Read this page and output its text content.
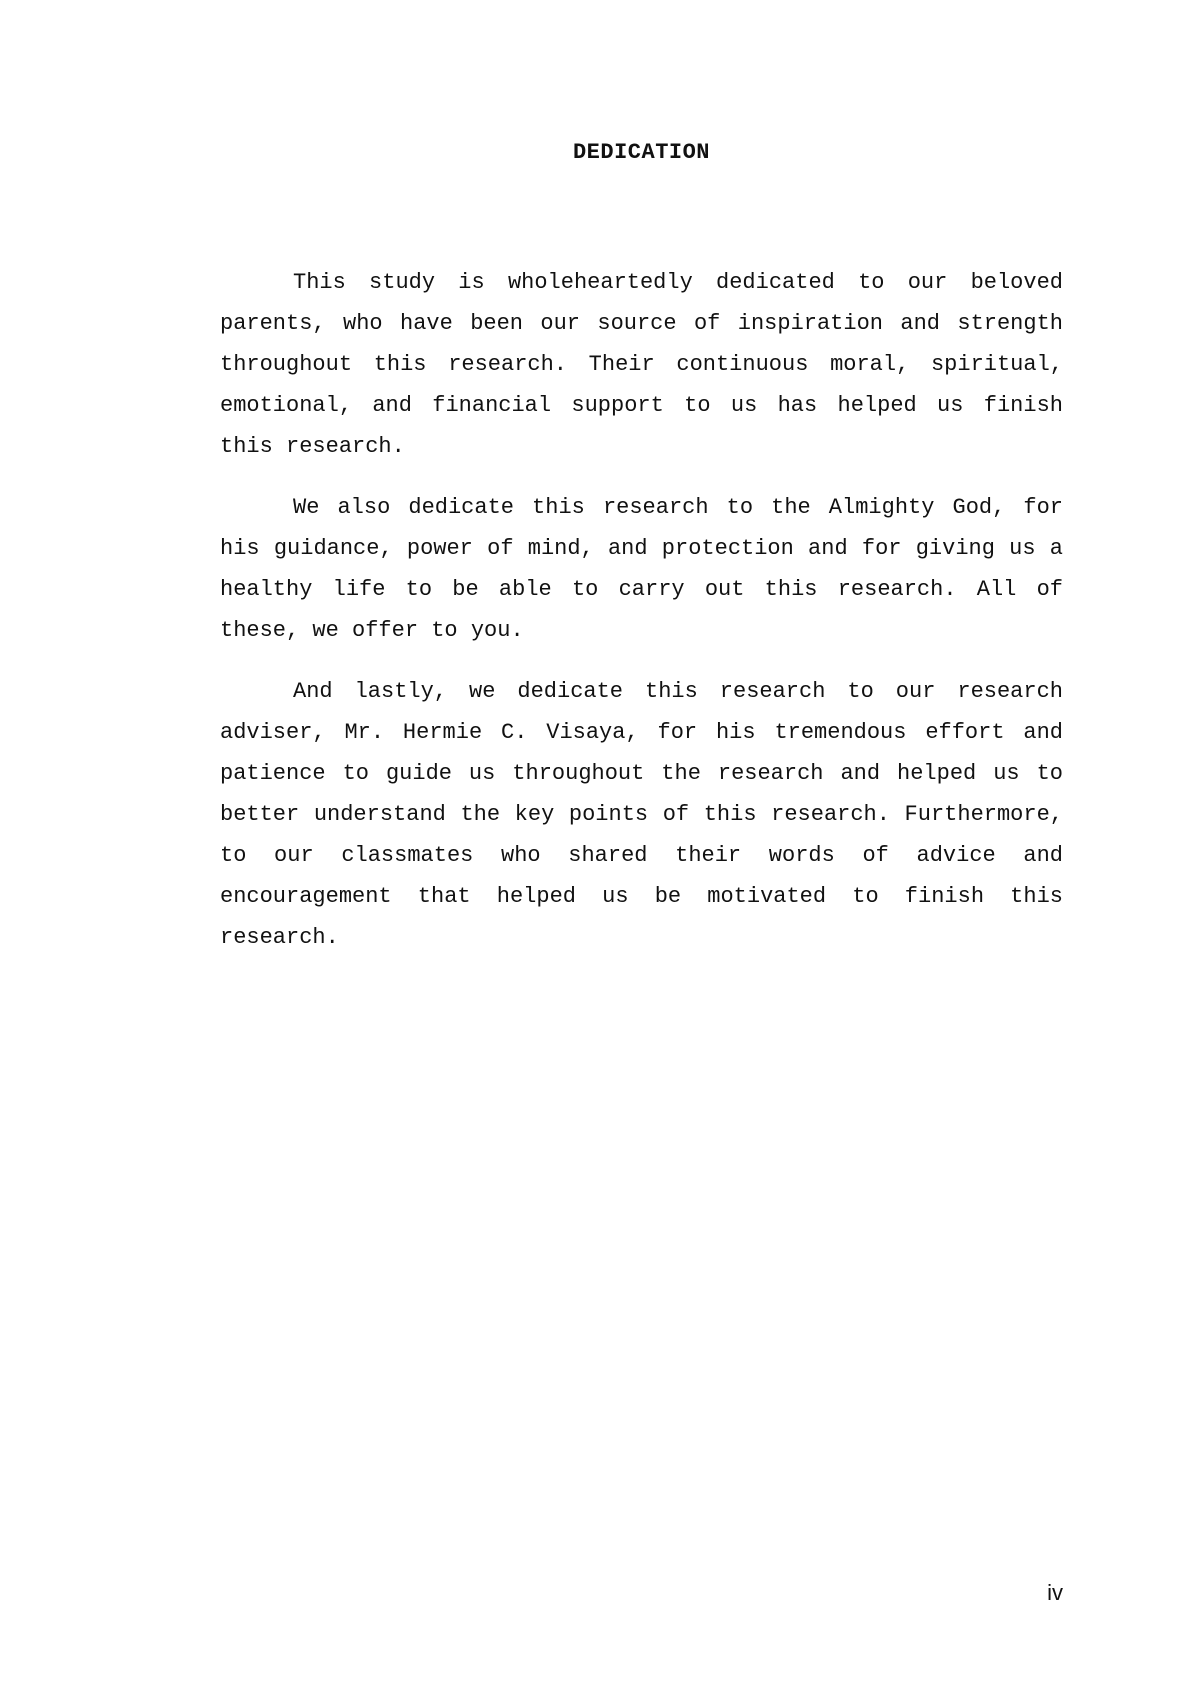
DEDICATION

This study is wholeheartedly dedicated to our beloved parents, who have been our source of inspiration and strength throughout this research. Their continuous moral, spiritual, emotional, and financial support to us has helped us finish this research.

We also dedicate this research to the Almighty God, for his guidance, power of mind, and protection and for giving us a healthy life to be able to carry out this research. All of these, we offer to you.

And lastly, we dedicate this research to our research adviser, Mr. Hermie C. Visaya, for his tremendous effort and patience to guide us throughout the research and helped us to better understand the key points of this research. Furthermore, to our classmates who shared their words of advice and encouragement that helped us be motivated to finish this research.

iv
